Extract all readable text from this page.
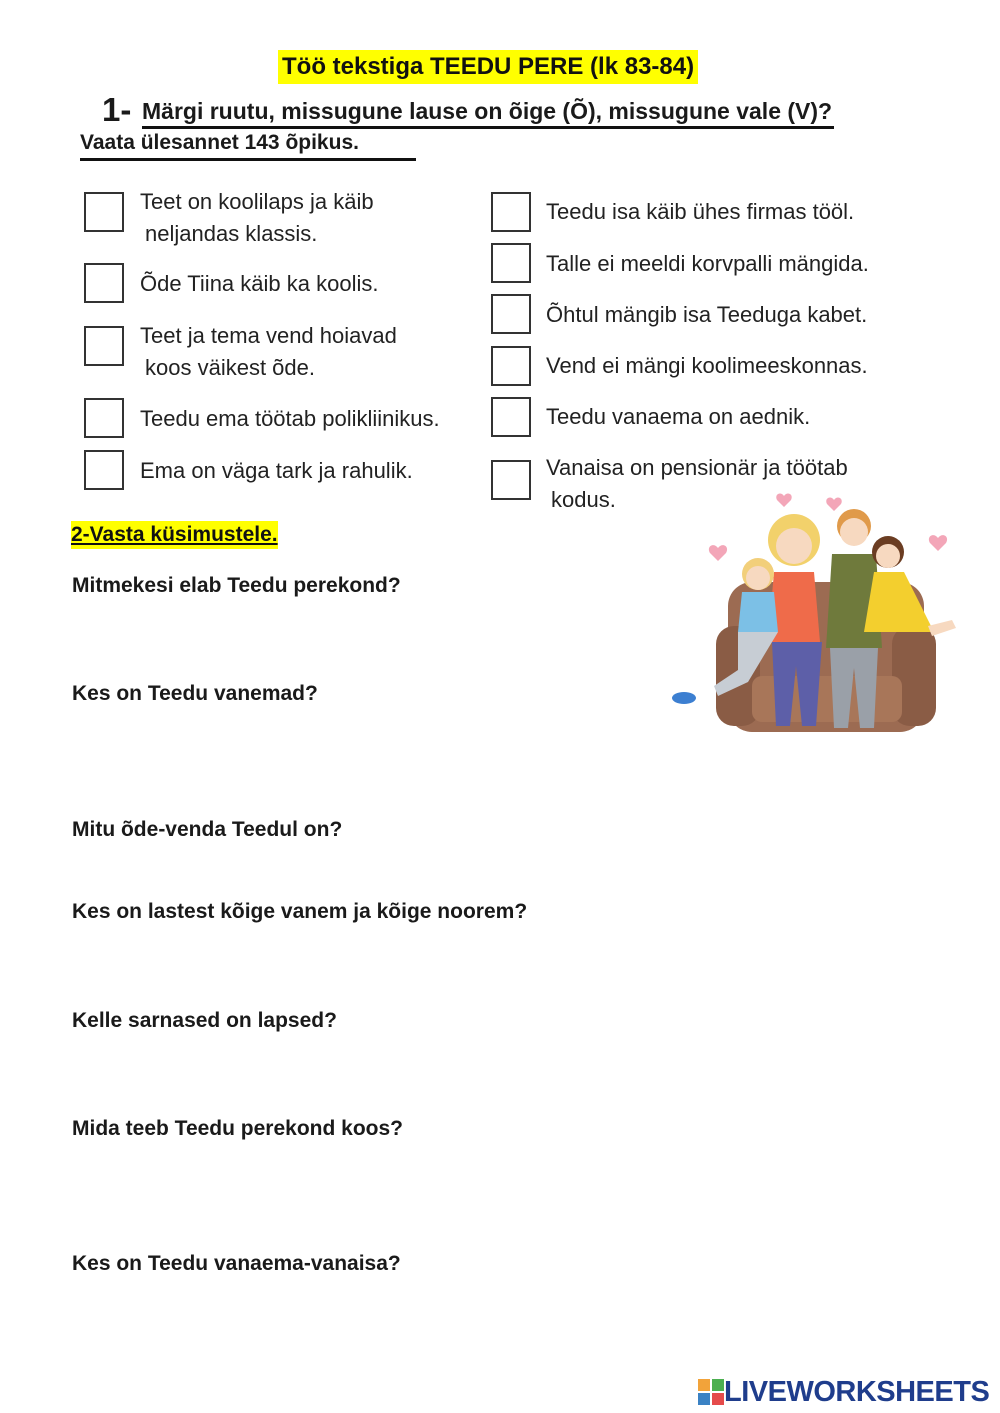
Töö tekstiga TEEDU PERE (lk 83-84)
1- Märgi ruutu, missugune lause on õige (Õ), missugune vale (V)?
Vaata ülesannet 143 õpikus.
Teet on koolilaps ja käib
neljandas klassis.
Õde Tiina käib ka koolis.
Teet ja tema vend hoiavad
koos väikest õde.
Teedu ema töötab polikliinikus.
Ema on väga tark ja rahulik.
Teedu isa käib ühes firmas tööl.
Talle ei meeldi korvpalli mängida.
Õhtul mängib isa Teeduga kabet.
Vend ei mängi koolimeeskonnas.
Teedu vanaema on aednik.
Vanaisa on pensionär ja töötab
kodus.
2-Vasta küsimustele.
Mitmekesi elab Teedu perekond?
Kes on Teedu vanemad?
Mitu õde-venda Teedul on?
Kes on lastest kõige vanem ja kõige noorem?
Kelle sarnased on lapsed?
Mida teeb Teedu perekond koos?
Kes on Teedu vanaema-vanaisa?
LIVEWORKSHEETS
